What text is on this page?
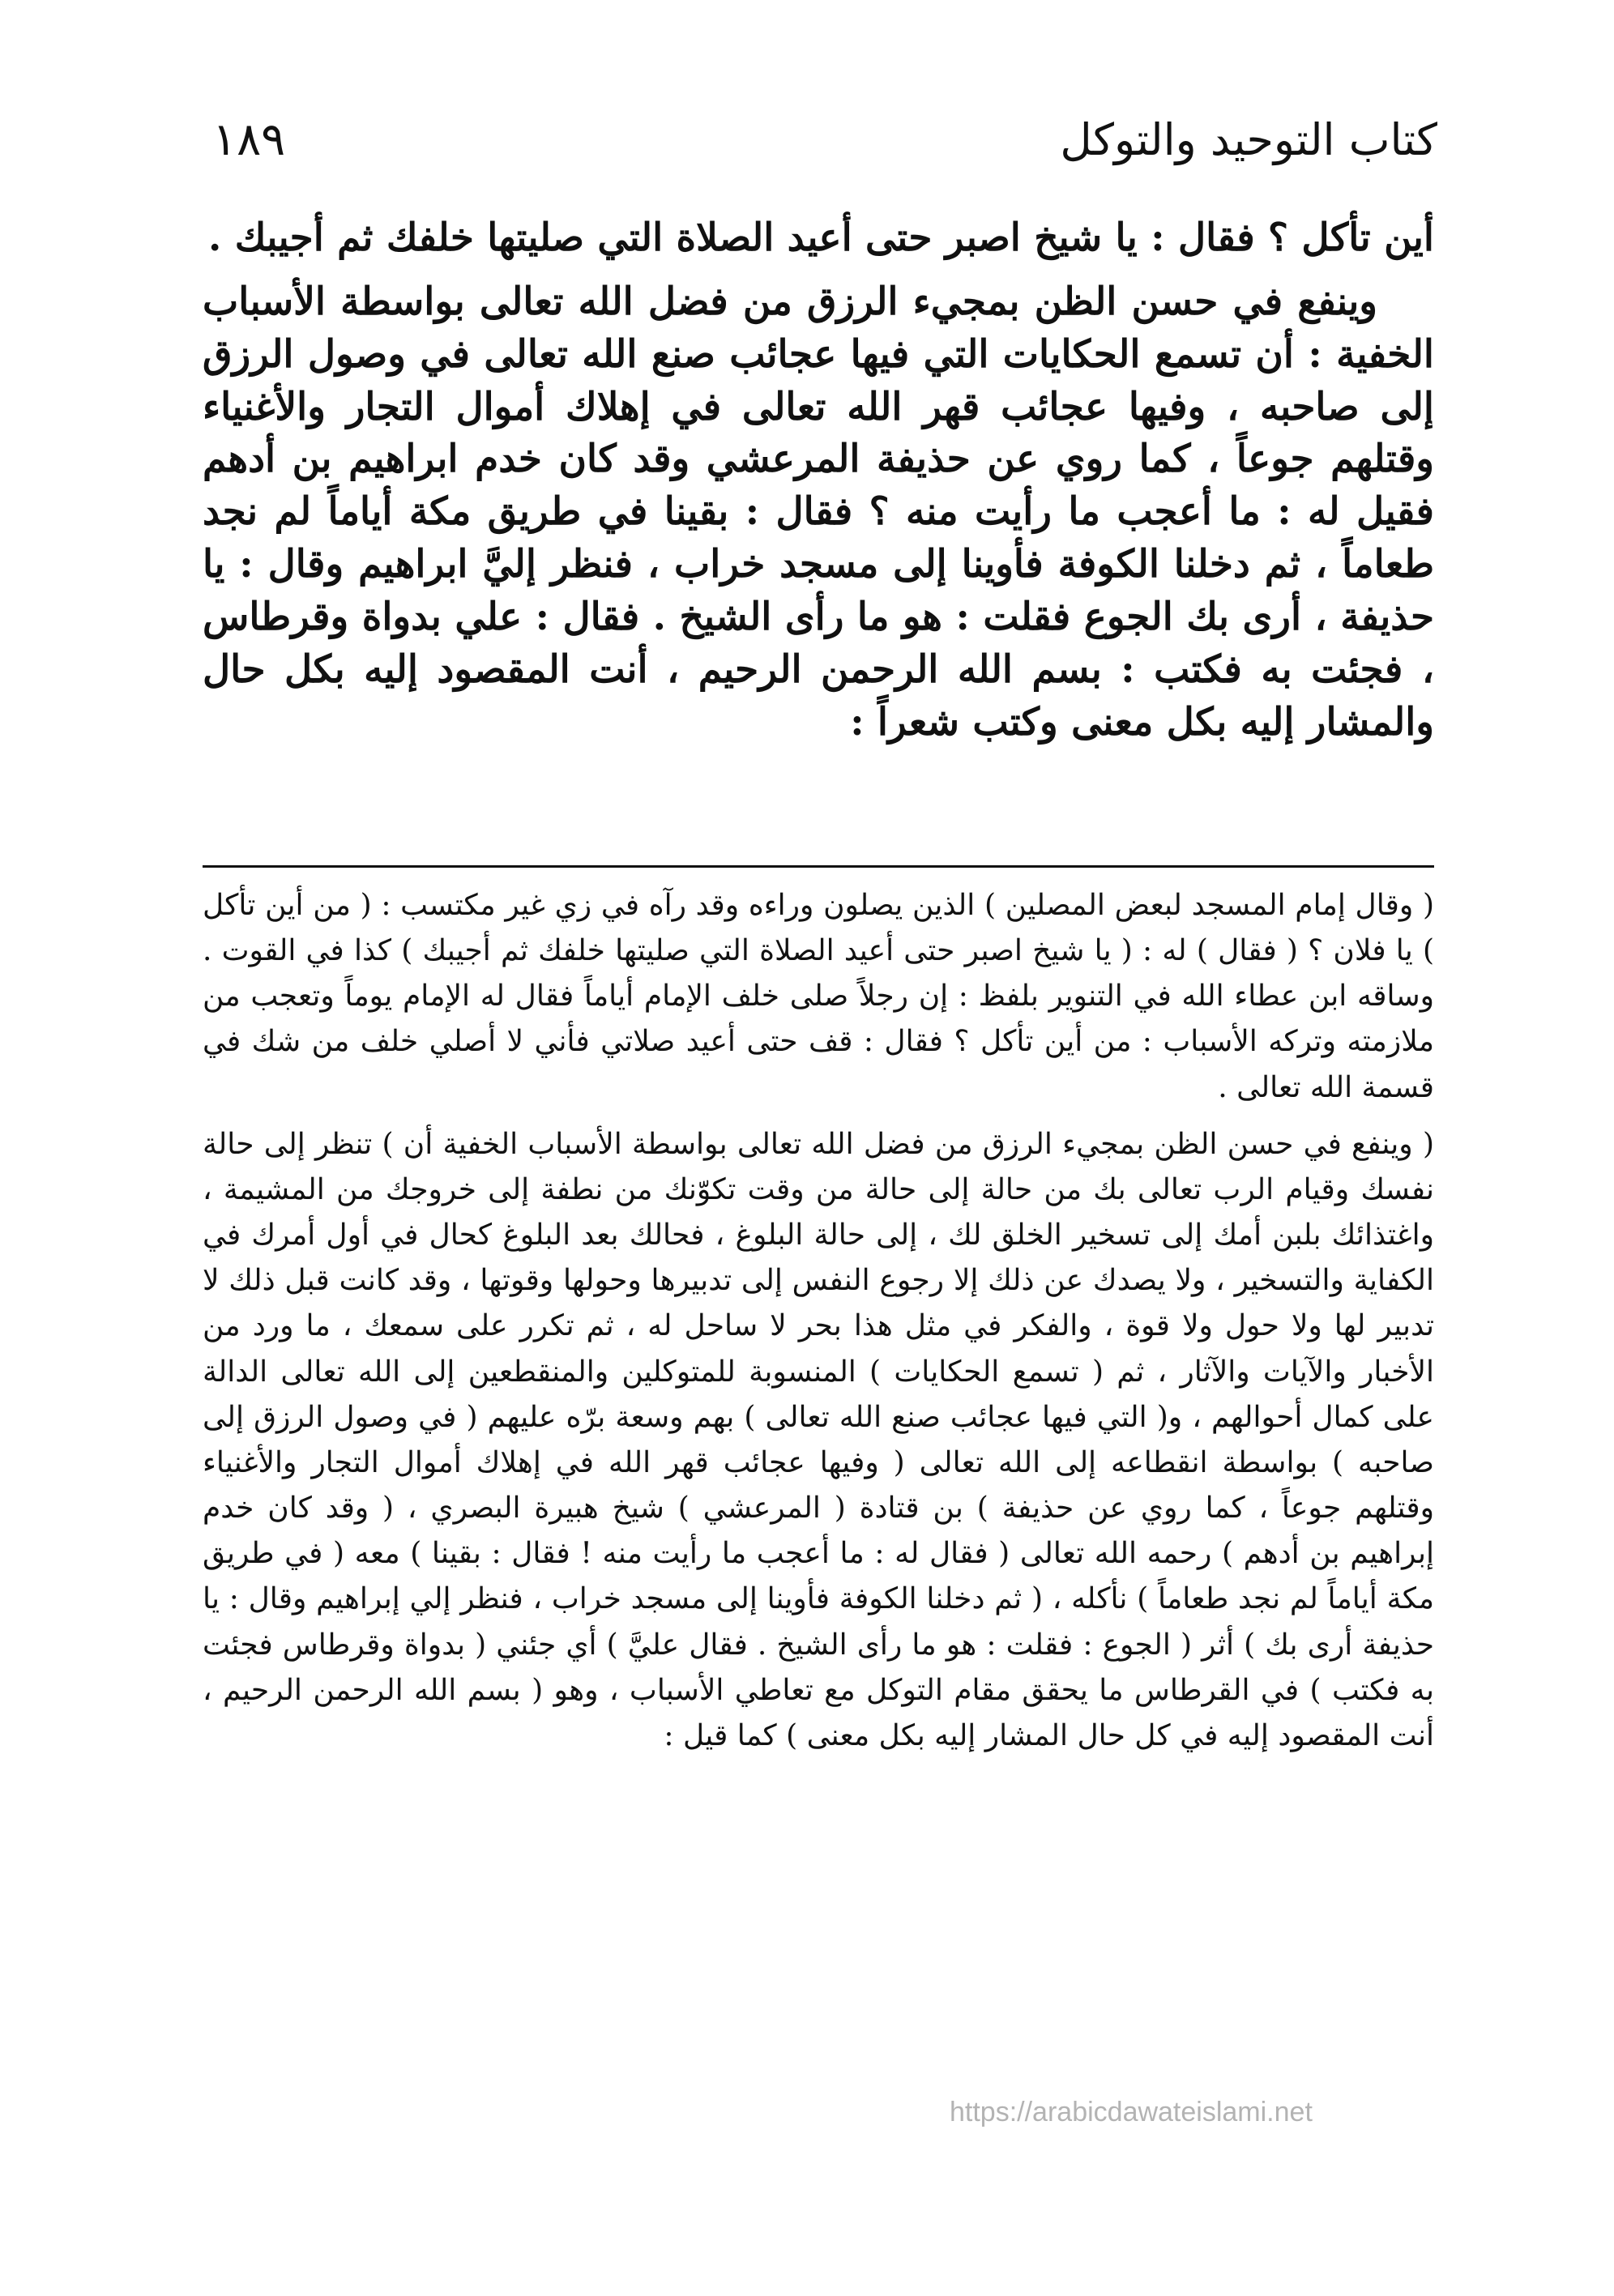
كتاب التوحيد والتوكل
١٨٩

أين تأكل ؟ فقال : يا شيخ اصبر حتى أعيد الصلاة التي صليتها خلفك ثم أجيبك .

وينفع في حسن الظن بمجيء الرزق من فضل الله تعالى بواسطة الأسباب الخفية : أن تسمع الحكايات التي فيها عجائب صنع الله تعالى في وصول الرزق إلى صاحبه ، وفيها عجائب قهر الله تعالى في إهلاك أموال التجار والأغنياء وقتلهم جوعاً ، كما روي عن حذيفة المرعشي وقد كان خدم ابراهيم بن أدهم فقيل له : ما أعجب ما رأيت منه ؟ فقال : بقينا في طريق مكة أياماً لم نجد طعاماً ، ثم دخلنا الكوفة فأوينا إلى مسجد خراب ، فنظر إليَّ ابراهيم وقال : يا حذيفة ، أرى بك الجوع فقلت : هو ما رأى الشيخ . فقال : علي بدواة وقرطاس ، فجئت به فكتب : بسم الله الرحمن الرحيم ، أنت المقصود إليه بكل حال والمشار إليه بكل معنى وكتب شعراً :

( وقال إمام المسجد لبعض المصلين ) الذين يصلون وراءه وقد رآه في زي غير مكتسب : ( من أين تأكل ) يا فلان ؟ ( فقال ) له : ( يا شيخ اصبر حتى أعيد الصلاة التي صليتها خلفك ثم أجيبك ) كذا في القوت . وساقه ابن عطاء الله في التنوير بلفظ : إن رجلاً صلى خلف الإمام أياماً فقال له الإمام يوماً وتعجب من ملازمته وتركه الأسباب : من أين تأكل ؟ فقال : قف حتى أعيد صلاتي فأني لا أصلي خلف من شك في قسمة الله تعالى .

( وينفع في حسن الظن بمجيء الرزق من فضل الله تعالى بواسطة الأسباب الخفية أن ) تنظر إلى حالة نفسك وقيام الرب تعالى بك من حالة إلى حالة من وقت تكوّنك من نطفة إلى خروجك من المشيمة ، واغتذائك بلبن أمك إلى تسخير الخلق لك ، إلى حالة البلوغ ، فحالك بعد البلوغ كحال في أول أمرك في الكفاية والتسخير ، ولا يصدك عن ذلك إلا رجوع النفس إلى تدبيرها وحولها وقوتها ، وقد كانت قبل ذلك لا تدبير لها ولا حول ولا قوة ، والفكر في مثل هذا بحر لا ساحل له ، ثم تكرر على سمعك ، ما ورد من الأخبار والآيات والآثار ، ثم ( تسمع الحكايات ) المنسوبة للمتوكلين والمنقطعين إلى الله تعالى الدالة على كمال أحوالهم ، و( التي فيها عجائب صنع الله تعالى ) بهم وسعة برّه عليهم ( في وصول الرزق إلى صاحبه ) بواسطة انقطاعه إلى الله تعالى ( وفيها عجائب قهر الله في إهلاك أموال التجار والأغنياء وقتلهم جوعاً ، كما روي عن حذيفة ) بن قتادة ( المرعشي ) شيخ هبيرة البصري ، ( وقد كان خدم إبراهيم بن أدهم ) رحمه الله تعالى ( فقال له : ما أعجب ما رأيت منه ! فقال : بقينا ) معه ( في طريق مكة أياماً لم نجد طعاماً ) نأكله ، ( ثم دخلنا الكوفة فأوينا إلى مسجد خراب ، فنظر إلي إبراهيم وقال : يا حذيفة أرى بك ) أثر ( الجوع : فقلت : هو ما رأى الشيخ . فقال عليَّ ) أي جئني ( بدواة وقرطاس فجئت به فكتب ) في القرطاس ما يحقق مقام التوكل مع تعاطي الأسباب ، وهو ( بسم الله الرحمن الرحيم ، أنت المقصود إليه في كل حال المشار إليه بكل معنى ) كما قيل :

https://arabicdawateislami.net
